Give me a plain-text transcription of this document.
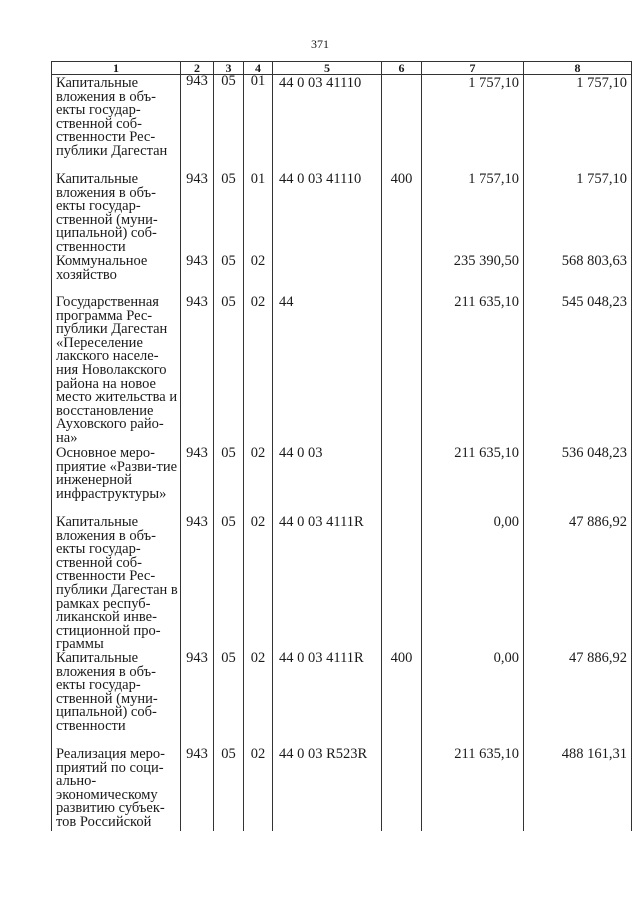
371
1	2	3	4	5	6	7	8
Капитальные вложения в объ-екты государ-ственной соб-ственности Рес-публики Дагестан	943	05	01	44 0 03 41110		1 757,10	1 757,10
Капитальные вложения в объ-екты государ-ственной (муни-ципальной) соб-ственности	943	05	01	44 0 03 41110	400	1 757,10	1 757,10
Коммунальное хозяйство	943	05	02			235 390,50	568 803,63
Государственная программа Рес-публики Дагестан «Переселение лакского населе-ния Новолакского района на новое место жительства и восстановление Ауховского райо-на»	943	05	02	44		211 635,10	545 048,23
Основное меро-приятие «Разви-тие инженерной инфраструктуры»	943	05	02	44 0 03		211 635,10	536 048,23
Капитальные вложения в объ-екты государ-ственной соб-ственности Рес-публики Дагестан в рамках респуб-ликанской инве-стиционной про-граммы	943	05	02	44 0 03 4111R		0,00	47 886,92
Капитальные вложения в объ-екты государ-ственной (муни-ципальной) соб-ственности	943	05	02	44 0 03 4111R	400	0,00	47 886,92
Реализация меро-приятий по соци-ально-экономическому развитию субъек-тов Российской	943	05	02	44 0 03 R523R		211 635,10	488 161,31
